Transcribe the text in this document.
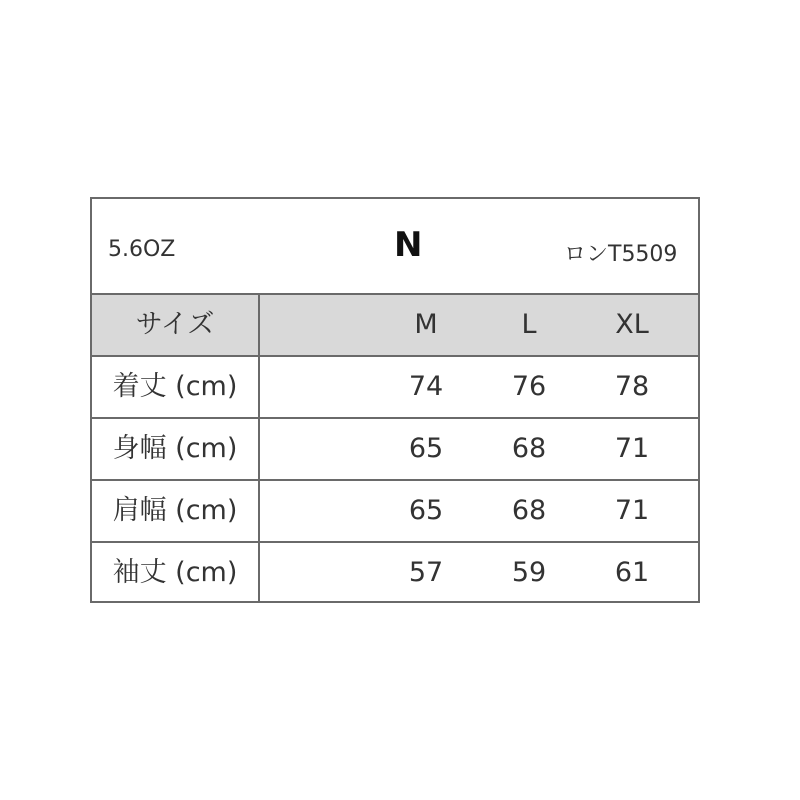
5.6OZ	N	ロンT5509
サイズ	M	L	XL
着丈 (cm)	74	76	78
身幅 (cm)	65	68	71
肩幅 (cm)	65	68	71
袖丈 (cm)	57	59	61
